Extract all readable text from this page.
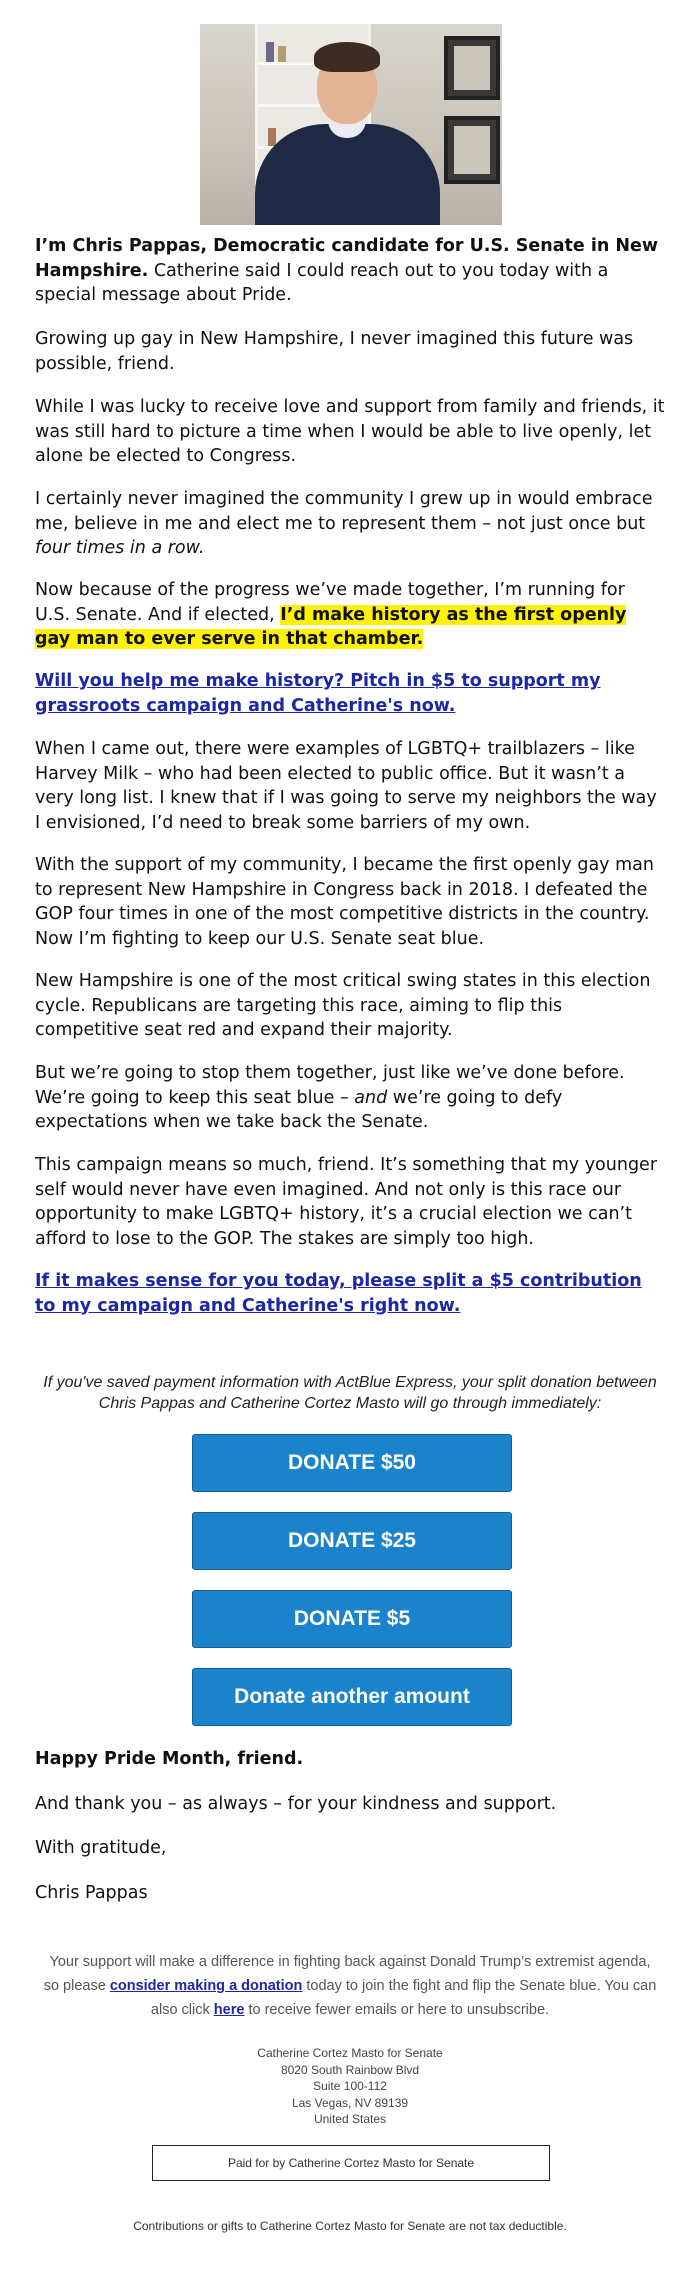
I’m Chris Pappas, Democratic candidate for U.S. Senate in New Hampshire. Catherine said I could reach out to you today with a special message about Pride.

Growing up gay in New Hampshire, I never imagined this future was possible, friend.

While I was lucky to receive love and support from family and friends, it was still hard to picture a time when I would be able to live openly, let alone be elected to Congress.

I certainly never imagined the community I grew up in would embrace me, believe in me and elect me to represent them – not just once but four times in a row.

Now because of the progress we’ve made together, I’m running for U.S. Senate. And if elected, I’d make history as the first openly gay man to ever serve in that chamber.

Will you help me make history? Pitch in $5 to support my grassroots campaign and Catherine's now.

When I came out, there were examples of LGBTQ+ trailblazers – like Harvey Milk – who had been elected to public office. But it wasn’t a very long list. I knew that if I was going to serve my neighbors the way I envisioned, I’d need to break some barriers of my own.

With the support of my community, I became the first openly gay man to represent New Hampshire in Congress back in 2018. I defeated the GOP four times in one of the most competitive districts in the country. Now I’m fighting to keep our U.S. Senate seat blue.

New Hampshire is one of the most critical swing states in this election cycle. Republicans are targeting this race, aiming to flip this competitive seat red and expand their majority.

But we’re going to stop them together, just like we’ve done before. We’re going to keep this seat blue – and we’re going to defy expectations when we take back the Senate.

This campaign means so much, friend. It’s something that my younger self would never have even imagined. And not only is this race our opportunity to make LGBTQ+ history, it’s a crucial election we can’t afford to lose to the GOP. The stakes are simply too high.

If it makes sense for you today, please split a $5 contribution to my campaign and Catherine's right now.

If you've saved payment information with ActBlue Express, your split donation between Chris Pappas and Catherine Cortez Masto will go through immediately:
DONATE $50
DONATE $25
DONATE $5
Donate another amount

Happy Pride Month, friend.

And thank you – as always – for your kindness and support.

With gratitude,

Chris Pappas

Your support will make a difference in fighting back against Donald Trump’s extremist agenda, so please consider making a donation today to join the fight and flip the Senate blue. You can also click here to receive fewer emails or here to unsubscribe.
Catherine Cortez Masto for Senate
8020 South Rainbow Blvd
Suite 100-112
Las Vegas, NV 89139
United States
Paid for by Catherine Cortez Masto for Senate
Contributions or gifts to Catherine Cortez Masto for Senate are not tax deductible.
